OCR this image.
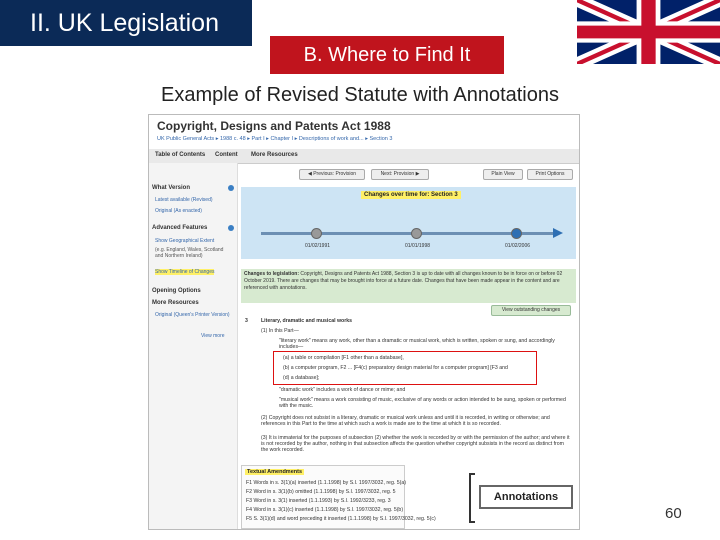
II. UK Legislation
B. Where to Find It
Example of Revised Statute with Annotations
Copyright, Designs and Patents Act 1988
UK Public General Acts ▸ 1988 c. 48 ▸ Part I ▸ Chapter I ▸ Descriptions of work and... ▸ Section 3
Table of Contents Content More Resources
What Version
Latest available (Revised)
Original (As enacted)
Advanced Features
Show Geographical Extent
(e.g. England, Wales, Scotland and Northern Ireland)
Show Timeline of Changes
Opening Options
More Resources
Original (Queen's Printer Version)
View more
◀ Previous: Provision	Next: Provision ▶	Plain View	Print Options
Changes over time for: Section 3
01/02/1991	01/01/1998	01/02/2006
Changes to legislation: Copyright, Designs and Patents Act 1988, Section 3 is up to date with all changes known to be in force on or before 02 October 2019. There are changes that may be brought into force at a future date. Changes that have been made appear in the content and are referenced with annotations.
View outstanding changes
3	Literary, dramatic and musical works
(1) In this Part—
"literary work" means any work, other than a dramatic or musical work, which is written, spoken or sung, and accordingly includes—
(a) a table or compilation [F1 other than a database],
(b) a computer program, F2 ... [F4(c) preparatory design material for a computer program] [F3 and
(d) a database];
"dramatic work" includes a work of dance or mime; and
"musical work" means a work consisting of music, exclusive of any words or action intended to be sung, spoken or performed with the music.
(2) Copyright does not subsist in a literary, dramatic or musical work unless and until it is recorded, in writing or otherwise; and references in this Part to the time at which such a work is made are to the time at which it is so recorded.
(3) It is immaterial for the purposes of subsection (2) whether the work is recorded by or with the permission of the author; and where it is not recorded by the author, nothing in that subsection affects the question whether copyright subsists in the record as distinct from the work recorded.
Textual Amendments
F1 Words in s. 3(1)(a) inserted (1.1.1998) by S.I. 1997/3032, reg. 5(a)
F2 Word in s. 3(1)(b) omitted (1.1.1998) by S.I. 1997/3032, reg. 5
F3 Word in s. 3(1) inserted (1.1.1993) by S.I. 1992/3233, reg. 3
F4 Word in s. 3(1)(c) inserted (1.1.1998) by S.I. 1997/3032, reg. 5(b)
F5 S. 3(1)(d) and word preceding it inserted (1.1.1998) by S.I. 1997/3032, reg. 5(c)
Annotations
60
